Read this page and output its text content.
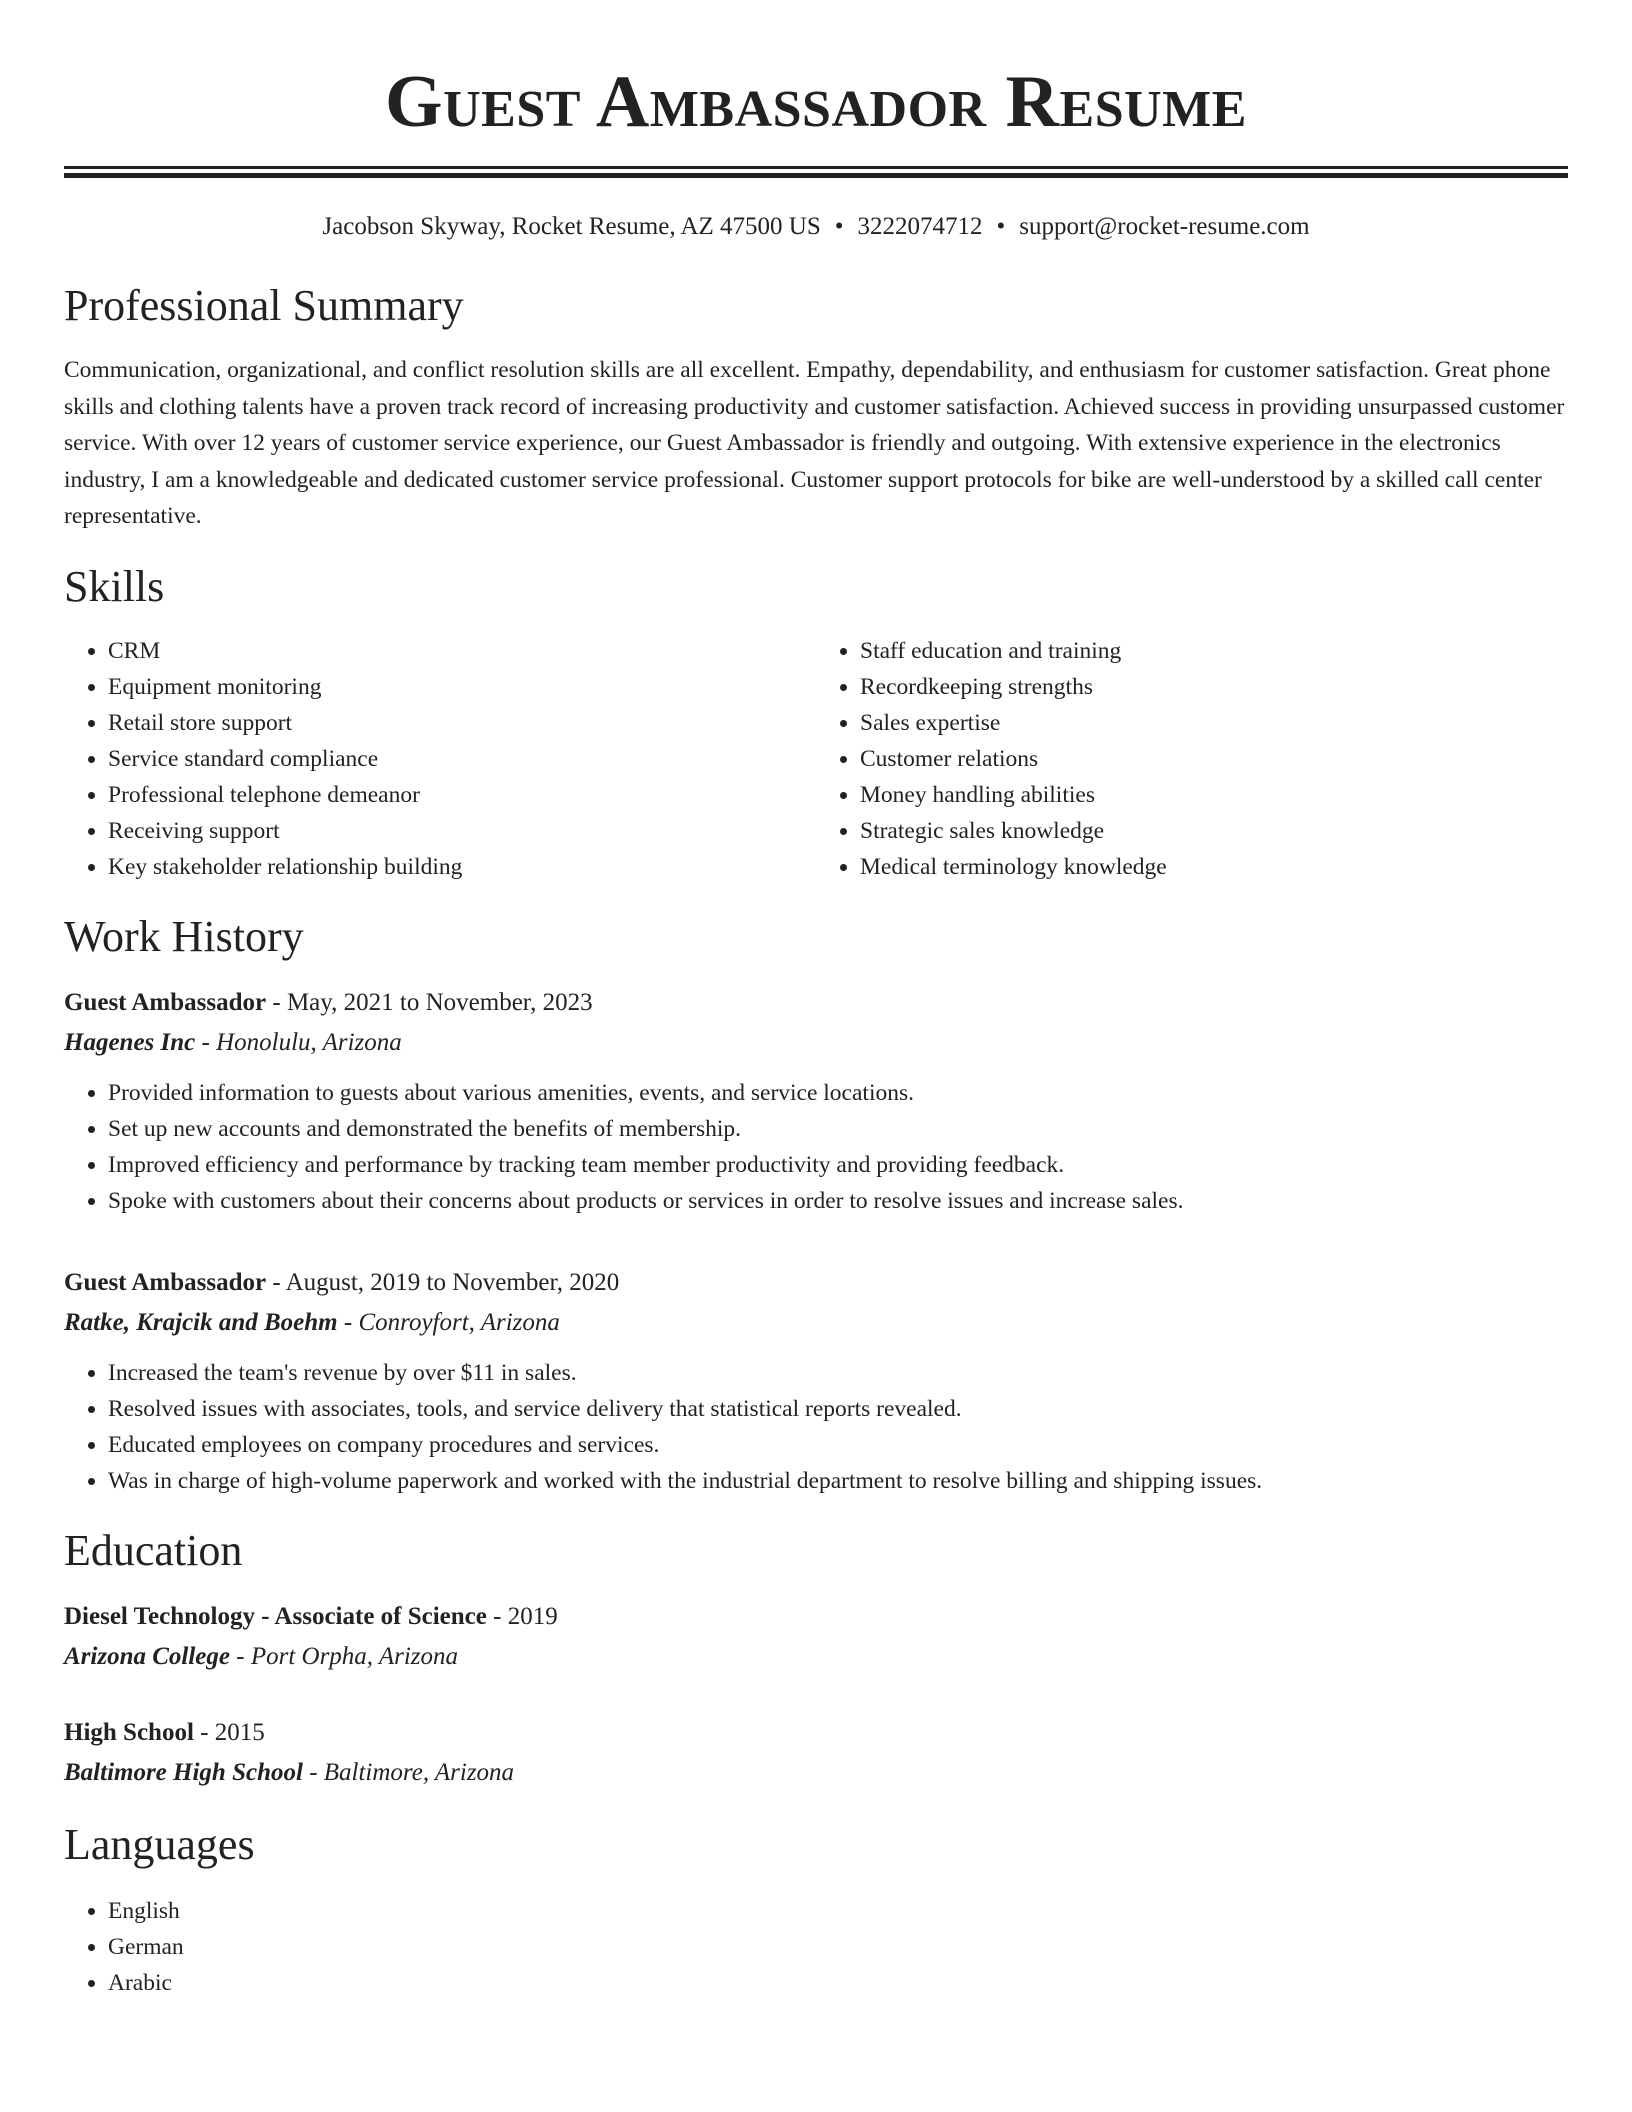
Guest Ambassador Resume
Jacobson Skyway, Rocket Resume, AZ 47500 US • 3222074712 • support@rocket-resume.com
Professional Summary

Communication, organizational, and conflict resolution skills are all excellent. Empathy, dependability, and enthusiasm for customer satisfaction. Great phone skills and clothing talents have a proven track record of increasing productivity and customer satisfaction. Achieved success in providing unsurpassed customer service. With over 12 years of customer service experience, our Guest Ambassador is friendly and outgoing. With extensive experience in the electronics industry, I am a knowledgeable and dedicated customer service professional. Customer support protocols for bike are well-understood by a skilled call center representative.

Skills
• CRM
• Equipment monitoring
• Retail store support
• Service standard compliance
• Professional telephone demeanor
• Receiving support
• Key stakeholder relationship building
• Staff education and training
• Recordkeeping strengths
• Sales expertise
• Customer relations
• Money handling abilities
• Strategic sales knowledge
• Medical terminology knowledge
Work History
Guest Ambassador - May, 2021 to November, 2023
Hagenes Inc - Honolulu, Arizona
• Provided information to guests about various amenities, events, and service locations.
• Set up new accounts and demonstrated the benefits of membership.
• Improved efficiency and performance by tracking team member productivity and providing feedback.
• Spoke with customers about their concerns about products or services in order to resolve issues and increase sales.
Guest Ambassador - August, 2019 to November, 2020
Ratke, Krajcik and Boehm - Conroyfort, Arizona
• Increased the team's revenue by over $11 in sales.
• Resolved issues with associates, tools, and service delivery that statistical reports revealed.
• Educated employees on company procedures and services.
• Was in charge of high-volume paperwork and worked with the industrial department to resolve billing and shipping issues.
Education
Diesel Technology - Associate of Science - 2019
Arizona College - Port Orpha, Arizona
High School - 2015
Baltimore High School - Baltimore, Arizona
Languages
• English
• German
• Arabic
